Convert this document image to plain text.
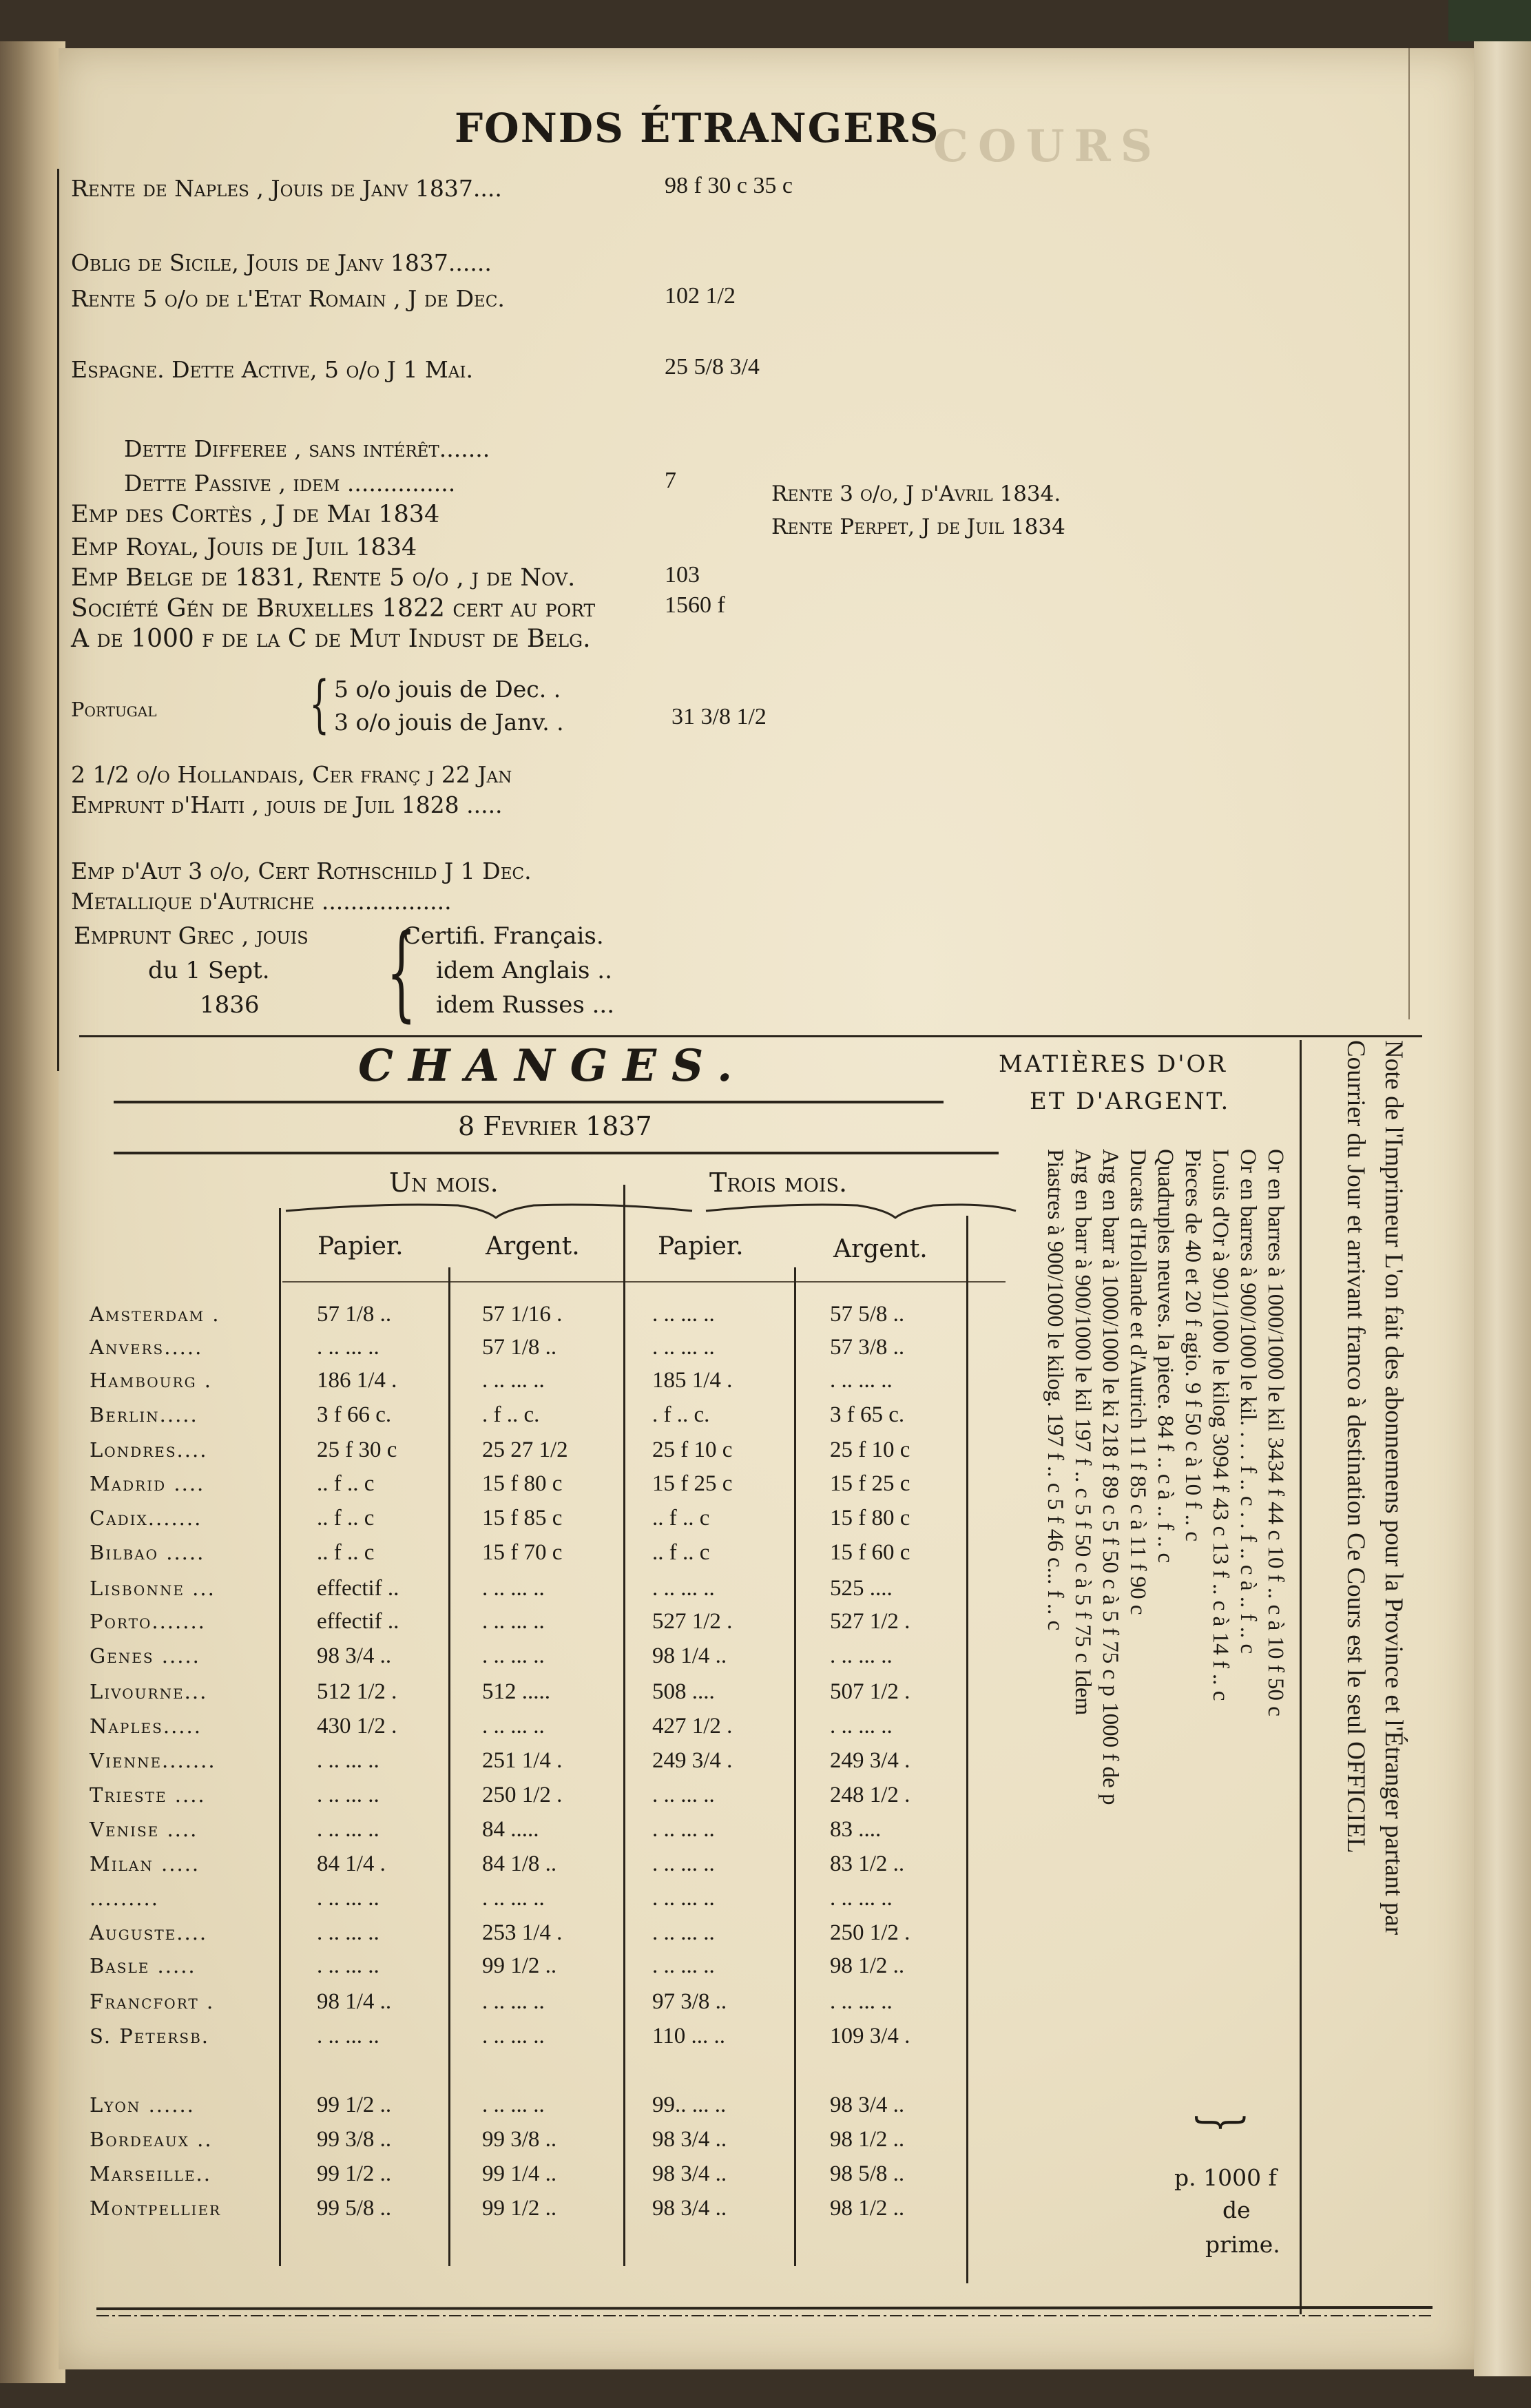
COURS
FONDS ÉTRANGERS
Rente de Naples , Jouis de Janv 1837....	98 f 30 c 35 c
Oblig de Sicile, Jouis de Janv 1837......
Rente 5 o/o de l'Etat Romain , J de Dec.	102 1/2
Espagne. Dette Active, 5 o/o J 1 Mai.	25 5/8 3/4
Dette Differee , sans intérêt.......
Dette Passive , idem ...............	7
Emp des Cortès , J de Mai 1834
Emp Royal, Jouis de Juil 1834
Emp Belge de 1831, Rente 5 o/o , j de Nov.	103
Société Gén de Bruxelles 1822 cert au port	1560 f
A de 1000 f de la C de Mut Indust de Belg.
2 1/2 o/o Hollandais, Cer franç j 22 Jan
Emprunt d'Haiti , jouis de Juil 1828 .....
Emp d'Aut 3 o/o, Cert Rothschild J 1 Dec.
Metallique d'Autriche ..................
Rente 3 o/o, J d'Avril 1834.
Rente Perpet, J de Juil 1834
Portugal { 5 o/o jouis de Dec. .
3 o/o jouis de Janv. .	31 3/8 1/2
Emprunt Grec , jouis
du 1 Sept.
1836 {
Certifi. Français.
idem Anglais ..
idem Russes ...
CHANGES.
8 Fevrier 1837
Un mois.	Trois mois.
Papier.	Argent.	Papier.	Argent.
Amsterdam .	57 1/8 ..	57 1/16 .	. .. ... ..	57 5/8 ..
Anvers.....	. .. ... ..	57 1/8 ..	. .. ... ..	57 3/8 ..
Hambourg .	186 1/4 .	. .. ... ..	185 1/4 .	. .. ... ..
Berlin.....	3 f 66 c.	. f .. c.	. f .. c.	3 f 65 c.
Londres....	25 f 30 c	25 27 1/2	25 f 10 c	25 f 10 c
Madrid ....	.. f .. c	15 f 80 c	15 f 25 c	15 f 25 c
Cadix.......	.. f .. c	15 f 85 c	.. f .. c	15 f 80 c
Bilbao .....	.. f .. c	15 f 70 c	.. f .. c	15 f 60 c
Lisbonne ...	effectif ..	. .. ... ..	. .. ... ..	525 ....
Porto.......	effectif ..	. .. ... ..	527 1/2 .	527 1/2 .
Genes .....	98 3/4 ..	. .. ... ..	98 1/4 ..	. .. ... ..
Livourne...	512 1/2 .	512 .....	508 ....	507 1/2 .
Naples.....	430 1/2 .	. .. ... ..	427 1/2 .	. .. ... ..
Vienne.......	. .. ... ..	251 1/4 .	249 3/4 .	249 3/4 .
Trieste ....	. .. ... ..	250 1/2 .	. .. ... ..	248 1/2 .
Venise ....	. .. ... ..	84 .....	. .. ... ..	83 ....
Milan .....	84 1/4 .	84 1/8 ..	. .. ... ..	83 1/2 ..
.........	. .. ... ..	. .. ... ..	. .. ... ..	. .. ... ..
Auguste....	. .. ... ..	253 1/4 .	. .. ... ..	250 1/2 .
Basle .....	. .. ... ..	99 1/2 ..	. .. ... ..	98 1/2 ..
Francfort .	98 1/4 ..	. .. ... ..	97 3/8 ..	. .. ... ..
S. Petersb.	. .. ... ..	. .. ... ..	110 ... ..	109 3/4 .
Lyon ......	99 1/2 ..	. .. ... ..	99.. ... ..	98 3/4 ..
Bordeaux ..	99 3/8 ..	99 3/8 ..	98 3/4 ..	98 1/2 ..
Marseille..	99 1/2 ..	99 1/4 ..	98 3/4 ..	98 5/8 ..
Montpellier	99 5/8 ..	99 1/2 ..	98 3/4 ..	98 1/2 ..
MATIÈRES D'OR
ET D'ARGENT.
Or en barres à 1000/1000 le kil 3434 f 44 c 10 f .. c à 10 f 50 c
Or en barres à 900/1000 le kil. . . . f .. c . . f .. c à .. f .. c
Louis d'Or à 901/1000 le kilog 3094 f 43 c 13 f .. c à 14 f .. c
Pieces de 40 et 20 f agio. 9 f 50 c à 10 f .. c
Quadruples neuves. la piece. 84 f .. c à .. f .. c
Ducats d'Hollande et d'Autrich 11 f 85 c à 11 f 90 c
Arg en barr à 1000/1000 le ki 218 f 89 c 5 f 50 c à 5 f 75 c p 1000 f de p
Arg en barr à 900/1000 le kil 197 f .. c 5 f 50 c à 5 f 75 c Idem
Piastres à 900/1000 le kilog. 197 f .. c 5 f 46 c... f .. c
}
p. 1000 f
de
prime.
Note de l'Imprimeur L'on fait des abonnemens pour la Province et l'Étranger partant par
Courrier du Jour et arrivant franco à destination Ce Cours est le seul OFFICIEL
